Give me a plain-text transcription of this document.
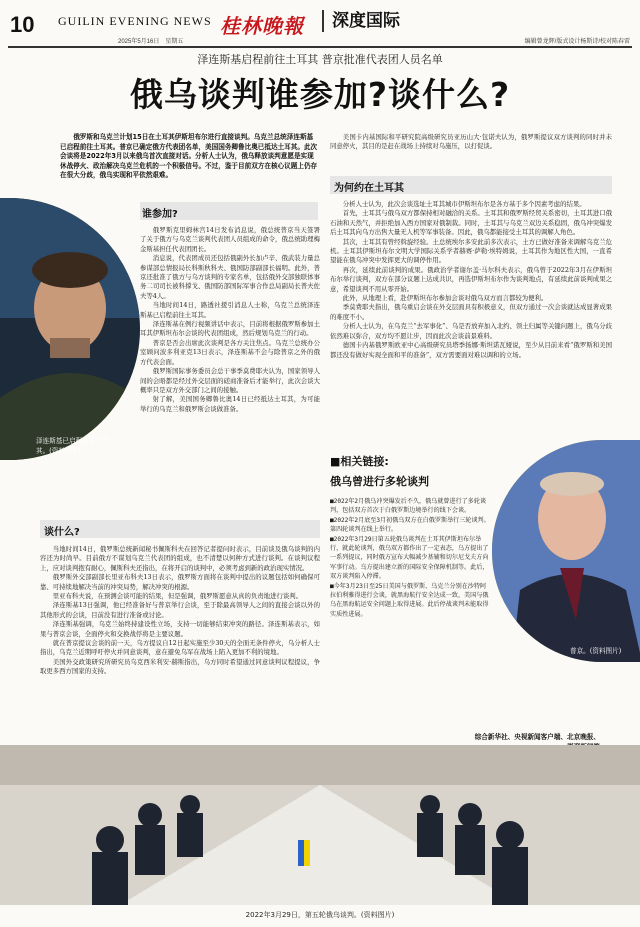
10 GUILIN EVENING NEWS
2025年5月16日　星期五
桂林晚報	深度国际
编辑曾龙辉/版式设计杨斯诗/校对陈春雷
泽连斯基启程前往土耳其 普京批准代表团人员名单
俄乌谈判谁参加?谈什么?
俄罗斯和乌克兰计划15日在土耳其伊斯坦布尔进行直接谈判。乌克兰总统泽连斯基已启程前往土耳其。普京已确定俄方代表团名单，美国国务卿鲁比奥已抵达土耳其。此次会谈将是2022年3月以来俄乌首次直接对话。分析人士认为，俄乌释放谈判意愿是实现休战停火、政治解决乌克兰危机的一个积极信号。不过，鉴于目前双方在核心议题上仍存在很大分歧，俄乌实现和平依然艰难。
泽连斯基已启程前往土耳其。(资料图片)
谁参加?

俄罗斯克里姆林宫14日发布消息说，俄总统普京当天签署了关于俄方与乌克兰谈判代表团人员组成的命令，俄总统助理梅金斯基担任代表团团长。

消息说，代表团成员还包括俄副外长加卢辛、俄武装力量总参谋部总情报局长科斯秋科夫、俄国防部副部长福明。此外，普京还批准了俄方与乌方谈判的专家名单，包括俄外交部独联体事务二司司长被科撑戈、俄国防部国际军事合作总局副局长普夫佐夫等4人。

当地时间14日，路透社援引消息人士称，乌克兰总统泽连斯基已启程前往土耳其。

泽连斯基在例行视频讲话中表示，目前将根据俄罗斯参加土耳其伊斯坦布尔会谈的代表团组成，然后规划乌克兰的行动。

普京是否会出席此次谈判是各方关注焦点。乌克兰总统办公室顾问波多利亚克13日表示，泽连斯基不会与除普京之外的俄方代表会面。

俄罗斯国际事务委员会总干事季莫费耶夫认为，国家领导人间的会晤都是经过外交层面的磋商准备后才能举行，此次会谈大概率只是双方外交部门之间的接触。

射了解，美国国务卿鲁比奥14日已经抵达土耳其，为可能举行的乌克兰和俄罗斯会谈做准备。

谈什么?

当地时间14日，俄罗斯总统新闻秘书佩斯科夫在回答记者提问时表示，目前谈及俄乌谈判的内容还为时尚早。目前俄方不谋划乌克兰代表团的组成，也不清楚以何种方式进行谈判。在谈判议程上，应对谈判抱有耐心，佩斯科夫还指出，在将开启的谈判中，必须考虑到新的政治现实情况。

俄罗斯外交部副部长里亚布科夫13日表示，俄罗斯方面将在谈判中提出的议题包括如何确保可靠、可持续地解决当前的冲突局势，解决冲突的根源。

里亚布科夫说，在预测会谈可能的结果，但是强调，俄罗斯愿意从真的负责地进行谈判。

泽连斯基13日强调，他已经准备好与普京举行会谈，至于除最高领导人之间的直接会谈以外的其他形式的会谈，目前没有进行准备或讨论。

泽连斯基强调，乌克兰始终持建设性立场，支持一切能够结束冲突的路径。泽连斯基表示，如果与普京会谈，全面停火和交换战俘将是主要议题。

就在普京提议会谈的前一天，乌方提议自12日起实施至少30天的全面无条件停火，乌分析人士指出，乌克兰近期呼吁停火并同意谈判，意在避免乌军在战场上陷入更加不利的境地。

美国外交政策研究所研究员乌克西米利安·赫斯指出，乌方同时希望通过同意谈判议程提议，争取更多西方国家的支持。

美国卡内基国际和平研究院高级研究员亚历山大·包诺夫认为，俄罗斯提议双方谈判的同时并未同意停火，其目的是赶在战场上持续对乌施压，以打促谈。

为何约在土耳其

分析人士认为，此次会谈选址土耳其城市伊斯坦布尔是各方基于多个因素考虑的结果。

首先，土耳其与俄乌双方都保持相对融洽的关系。土耳其和俄罗斯经贸关系密切，土耳其进口俄石油和天然气，并拒绝加入西方国家对俄制裁。同时，土耳其与乌克兰双边关系稳固，俄乌冲突爆发后土耳其向乌方出售大量无人机等军事装备。因此，俄乌都能接受土耳其的调解人角色。

其次，土耳其有曾经斡旋经验。土总统埃尔多安此前多次表示，土方已做好准备来调解乌克兰危机。土耳其伊斯坦布尔文明大学国际关系学者赫赛·萨勒·埃特姆说，土耳其作为地区性大国，一直希望能在俄乌冲突中发挥更大的调停作用。

再次，延续此前谈判的成果。俄政治学者谢尔盖·马尔科夫表示，俄乌曾于2022年3月在伊斯坦布尔举行谈判，双方在部分议题上达成共识，再选伊斯坦布尔作为谈判地点，有延续此前谈判成果之意，希望谈判不用从零开始。

此外，从地理上看，赴伊斯坦布尔参加会谈对俄乌双方而言都较为便利。

季莫费耶夫指出，俄乌重启会谈在外交层面具有积极意义，但双方通过一次会谈就达成显著成果的难度不小。

分析人士认为，在乌克兰“去军事化”、乌是否放弃加入北约、领土归属等关键问题上，俄乌分歧依然难以弥合，双方均不愿让步，因而此次会谈前景难料。

德国卡内基俄罗斯欧亚中心高级研究员塔季扬娜·斯坦诺瓦娅说，至少从目前来看“俄罗斯和美国都还没有做好实现全面和平的准备”，双方需要面对难以调和的立场。

■相关链接:
俄乌曾进行多轮谈判

■2022年2月俄乌冲突爆发后不久，俄乌就曾进行了多轮谈判，包括双方首次于白俄罗斯边境举行的线下会谈。

■2022年2月底至3月初俄乌双方在白俄罗斯举行三轮谈判。第四轮谈判在线上举行。

■2022年3月29日第五轮俄乌谈判在土耳其伊斯坦布尔举行，就此轮谈判，俄乌双方都作出了一定表态，乌方提出了一系列提议，同时俄方宣布大幅减少基辅和切尔尼戈夫方向军事行动。乌方提出建立新的国际安全保障机制等。此后，双方谈判陷入停滞。

■今年3月23日至25日美国与俄罗斯、乌克兰分别在沙特阿拉伯利雅得进行会谈，就黑海航行安全达成一致，美国与俄乌在黑海航运安全问题上取得进展。此后停战谈判未能取得实质性进展。

普京。(资料图片)
综合新华社、央视新闻客户端、北京晚报、
2022年3月29日，第五轮俄乌谈判。(资料图片)
